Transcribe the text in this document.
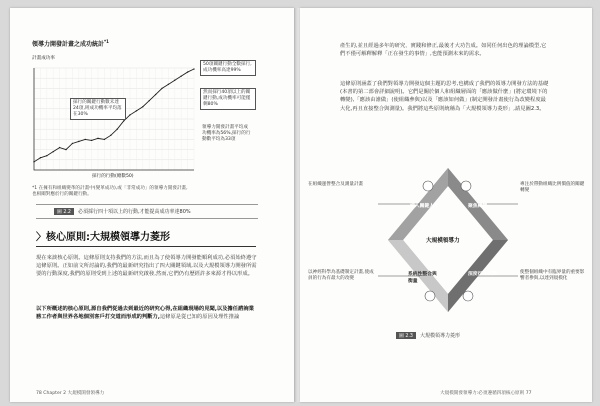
領導力開發計畫之成功統計$^{*1}$
計畫成功率
50項關鍵行動全數採行,成功機率高達99%
然而採行40項以上的關鍵行動,成功機率可能僅剩80%
領導力開發計畫平均成功機率為56%,採行的行動數平均為33項
採行的關鍵行動數未達24項,則成功機率平均落在30%
採行的行動(總數50)
*1 在擁有和組織變革的計畫中(變革成功),或「非常成功」的領導力開發計畫,
也相關對應於行的關鍵行動。
圖 2.2 必須採行四十項以上的行動,才能提高成功率達80%
〉核心原則:大規模領導力菱形
現在來談核心原則。這條原則支持我們的方法,而且為了使領導力開發能順利成功,必須始終遵守這條原則。正如前文所討論的,我們的最新研究指出了四大關鍵領域,以及大規模領導力開發所需要的行動深度,我們的原則受到上述的最新研究啟發,然而,它們仍有歷經許多來源才得以形成。
以下所概述的核心原則,源自我們從過去到最近的研究心得,在組織現場的見聞,以及擔任諮詢業務工作者與世界各地個別客戶打交道而形成的判斷力,這條原是從已知的原因及理性推論
78 Chapter 2 大規模開發領導力
產生的,並且經過多年的研究、實踐和修正,最後才大功告成。如同任何出色的理論模型,它們不僅可解釋解釋「正在發生的事情」,也能預測未來的需求。
這條原則涵蓋了我們對領導力開發這個主題的思考,也構成了我們的領導力開發方法的基礎(本書的第二部會詳細說明)。它們是關於個人和組織層面的「應該做什麼」(將定環境下的轉變),「應該由誰做」(使組織參與)以及「應該如何做」(制定開發計畫使行為改變程度最大化,再且直接整合與測量)。我們將這些原則統稱為「大規模領導力菱形」,請見圖2.3。
大規模領導力
聚焦轉變
深度行為改變
系統性整合與衡量
納入關鍵人才
在組織運營整合及測量計畫	專注於帶動組織比例價值的關鍵轉變
以神經科學為基礎制定計畫,使成員的行為有最大的改變
使整個組織中有臨界量的重要影響者參與,以達到規模化
圖 2.3 大規模領導力菱形
大規模開發領導力:必須遵循四項核心原則 77
